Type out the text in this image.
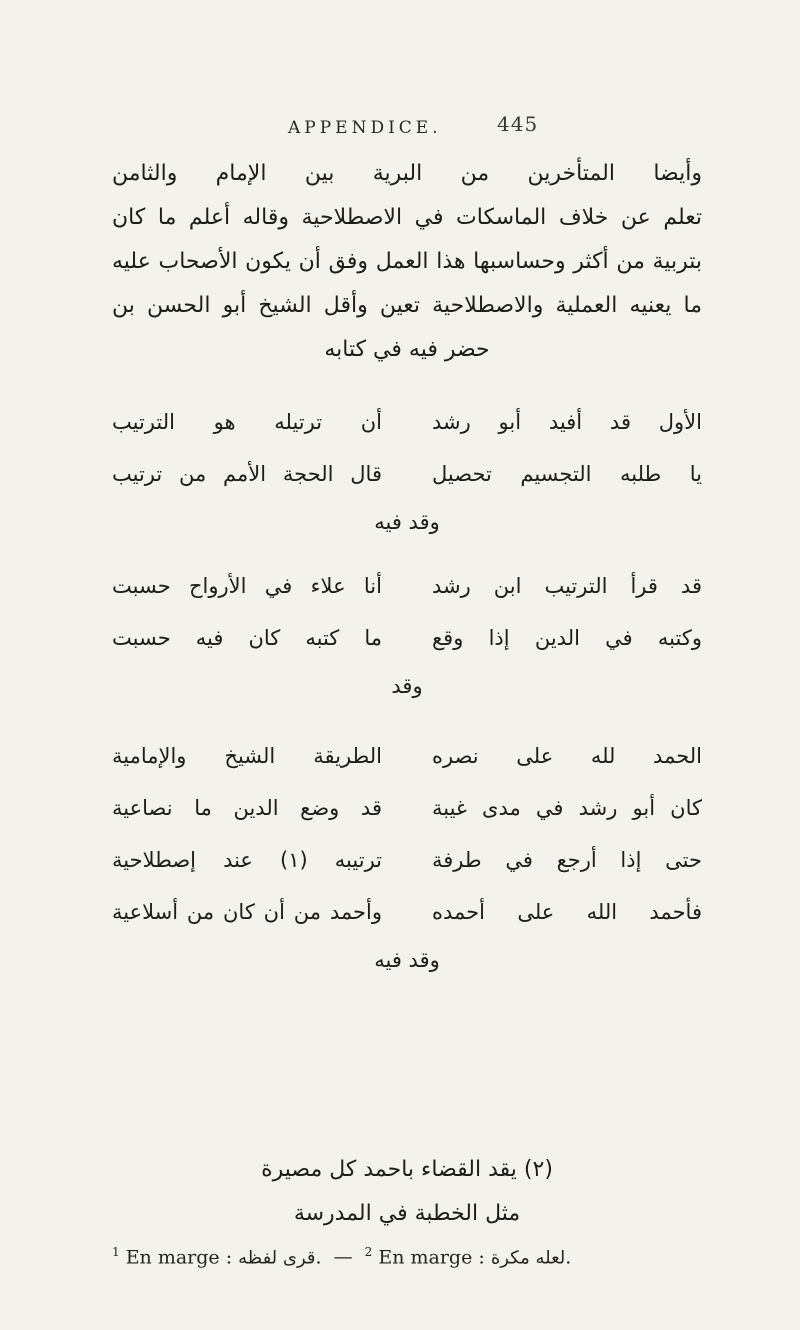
APPENDICE.	445
وأيضا المتأخرين من البرية بين الإمام والثامن
تعلم عن خلاف الماسكات في الاصطلاحية وقاله أعلم ما كان
بتربية من أكثر وحساسبها هذا العمل وفق أن يكون الأصحاب عليه
ما يعنيه العملية والاصطلاحية تعين وأقل الشيخ أبو الحسن بن
حضر فيه في كتابه
الأول قد أفيد أبو رشد
أن ترتيله هو الترتيب
يا طلبه التجسيم تحصيل
قال الحجة الأمم من ترتيب
وقد فيه
قد قرأ الترتيب ابن رشد
أنا علاء في الأرواح حسبت
وكتبه في الدين إذا وقع
ما كتبه كان فيه حسبت
وقد
الحمد لله على نصره
الطريقة الشيخ والإمامية
كان أبو رشد في مدى غيبة
قد وضع الدين ما نصاعية
حتى إذا أرجع في طرفة
ترتيبه (١) عند إصطلاحية
فأحمد الله على أحمده
وأحمد من أن كان من أسلاعية
وقد فيه
(٢) يقد القضاء باحمد كل مصيرة
مثل الخطبة في المدرسة
$^1$ En marge : قرى لفظه. — $^2$ En marge : لعله مكرة.
